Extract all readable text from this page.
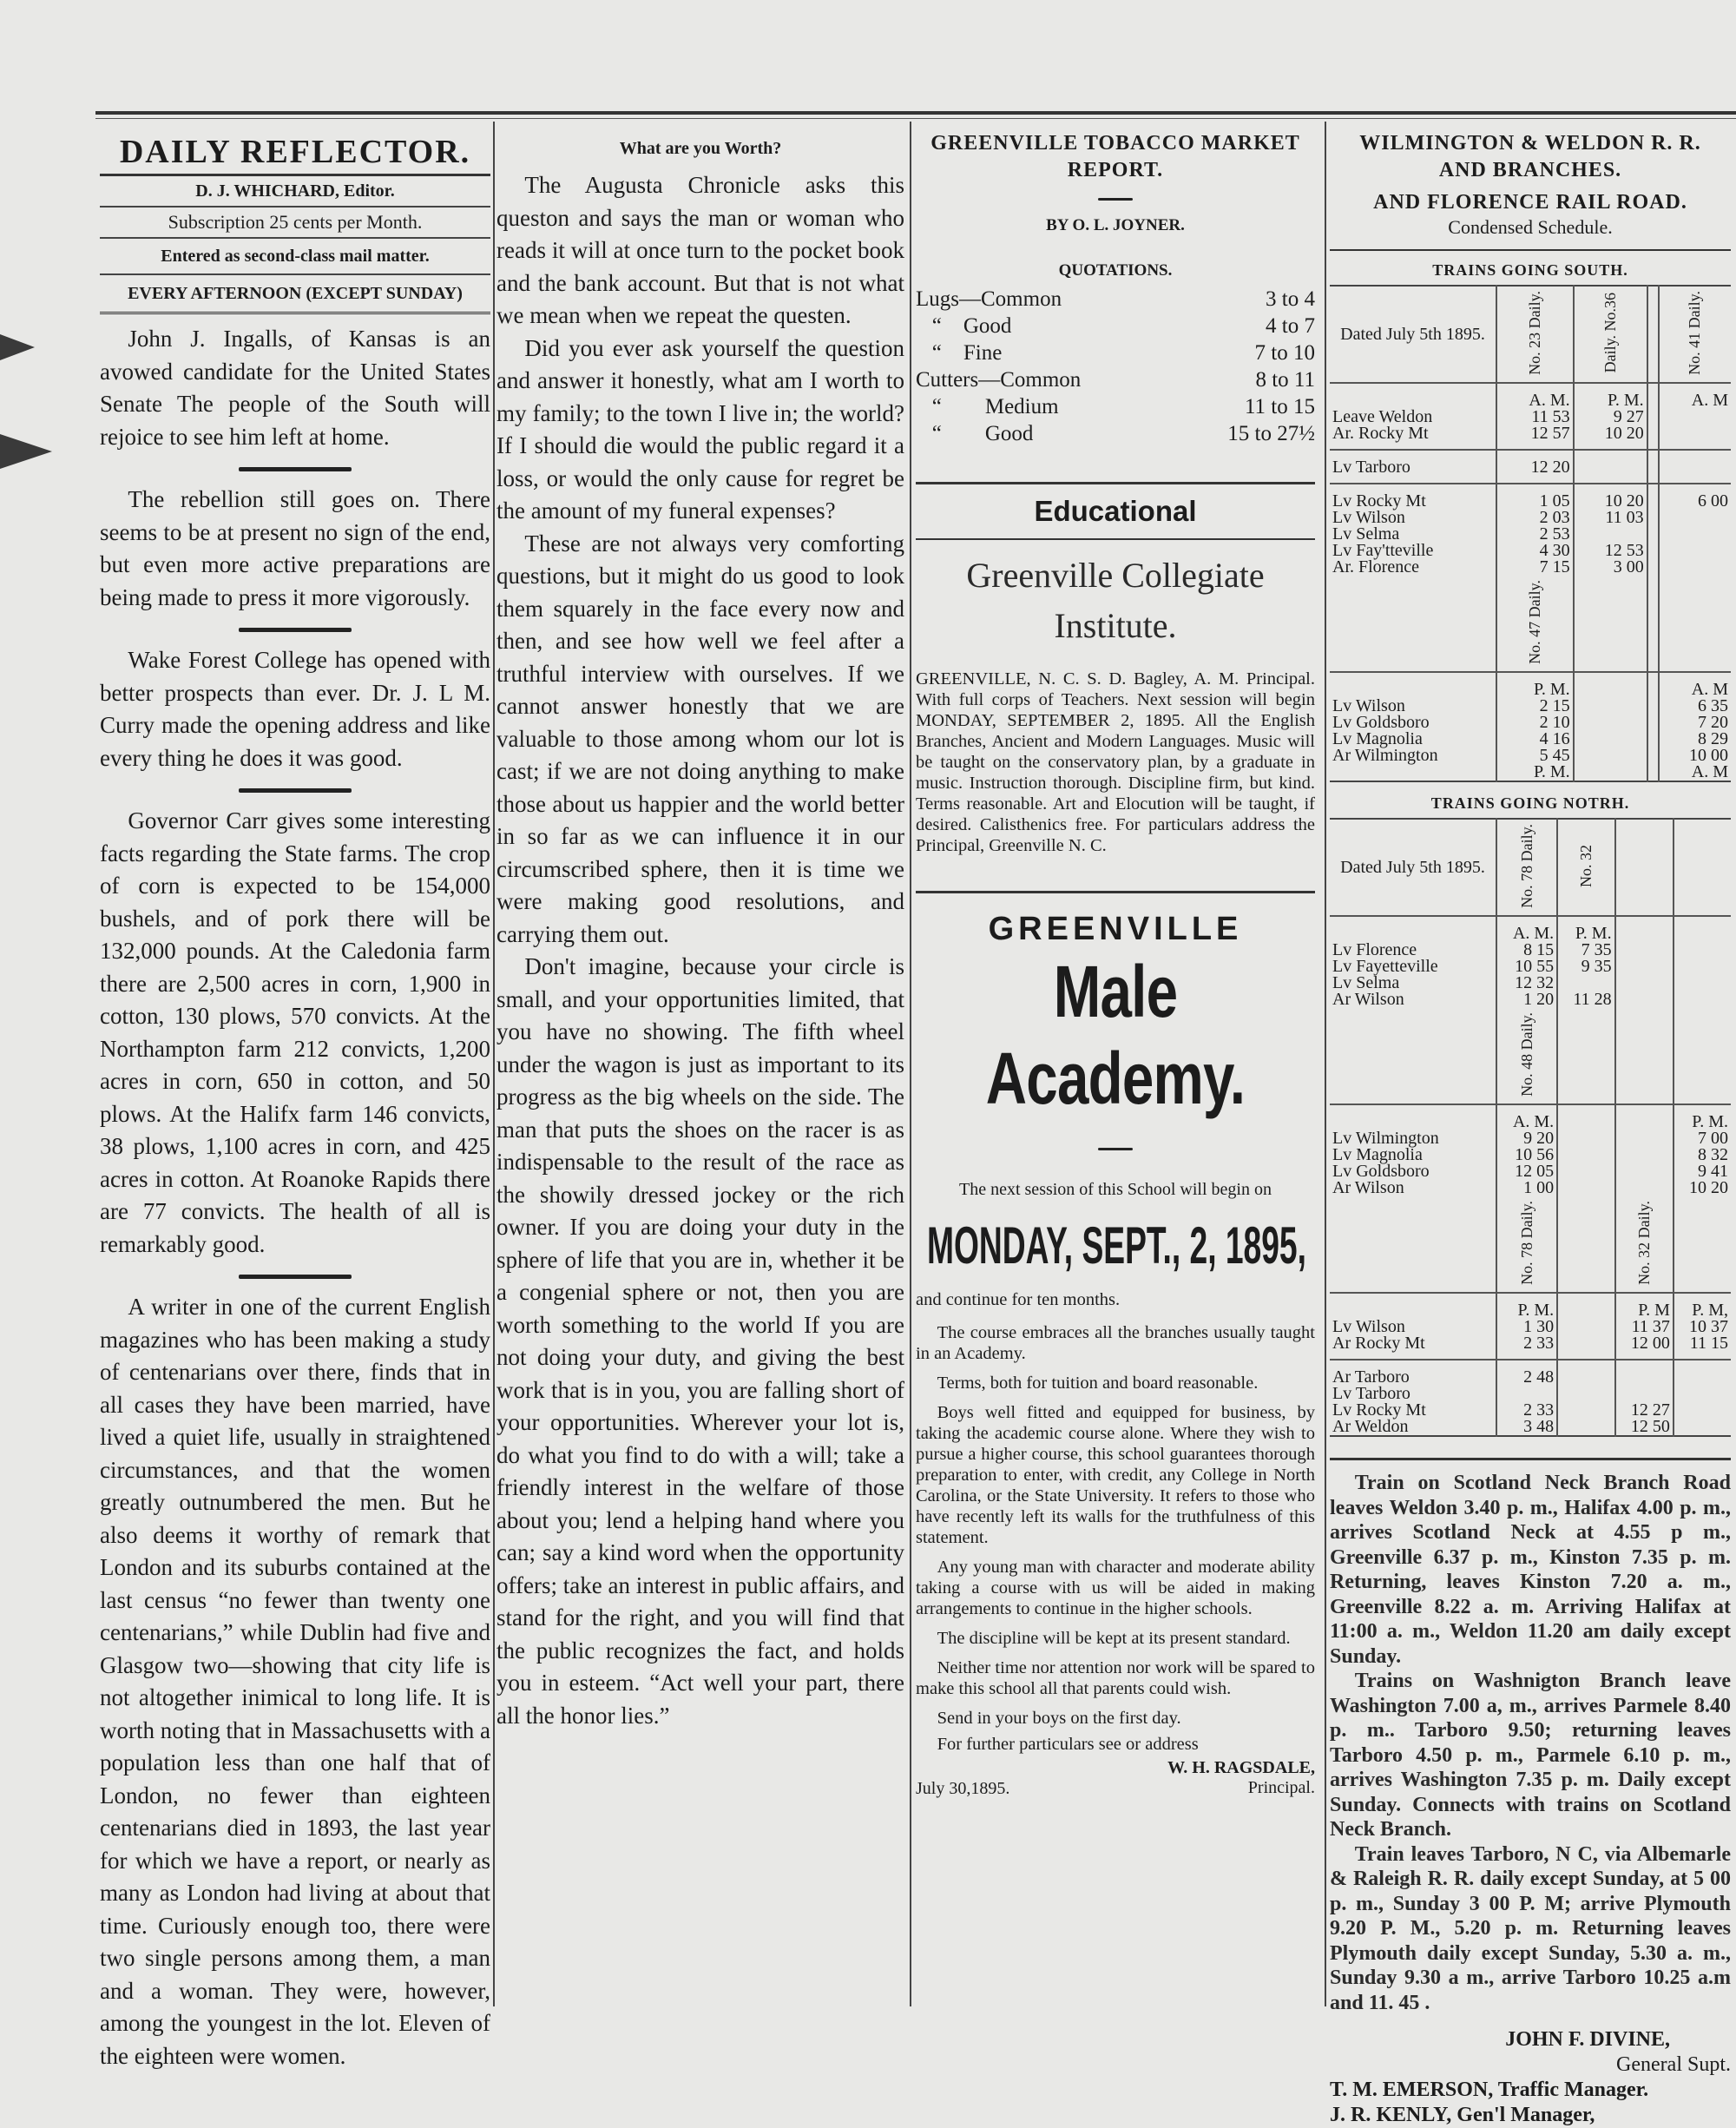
DAILY REFLECTOR.
D. J. WHICHARD, Editor.
Subscription 25 cents per Month.
Entered as second-class mail matter.
EVERY AFTERNOON (EXCEPT SUNDAY)

John J. Ingalls, of Kansas is an avowed candidate for the United States Senate The people of the South will rejoice to see him left at home.

The rebellion still goes on. There seems to be at present no sign of the end, but even more active preparations are being made to press it more vigorously.

Wake Forest College has opened with better prospects than ever. Dr. J. L M. Curry made the opening address and like every thing he does it was good.

Governor Carr gives some interesting facts regarding the State farms. The crop of corn is expected to be 154,000 bushels, and of pork there will be 132,000 pounds. At the Caledonia farm there are 2,500 acres in corn, 1,900 in cotton, 130 plows, 570 convicts. At the Northampton farm 212 convicts, 1,200 acres in corn, 650 in cotton, and 50 plows. At the Halifx farm 146 convicts, 38 plows, 1,100 acres in corn, and 425 acres in cotton. At Roanoke Rapids there are 77 convicts. The health of all is remarkably good.

A writer in one of the current English magazines who has been making a study of centenarians over there, finds that in all cases they have been married, have lived a quiet life, usually in straightened circumstances, and that the women greatly outnumbered the men. But he also deems it worthy of remark that London and its suburbs contained at the last census “no fewer than twenty one centenarians,” while Dublin had five and Glasgow two—showing that city life is not altogether inimical to long life. It is worth noting that in Massachusetts with a population less than one half that of London, no fewer than eighteen centenarians died in 1893, the last year for which we have a report, or nearly as many as London had living at about that time. Curiously enough too, there were two single persons among them, a man and a woman. They were, however, among the youngest in the lot. Eleven of the eighteen were women.

What are you Worth?

The Augusta Chronicle asks this queston and says the man or woman who reads it will at once turn to the pocket book and the bank account. But that is not what we mean when we repeat the questen.

Did you ever ask yourself the question and answer it honestly, what am I worth to my family; to the town I live in; the world? If I should die would the public regard it a loss, or would the only cause for regret be the amount of my funeral expenses?

These are not always very comforting questions, but it might do us good to look them squarely in the face every now and then, and see how well we feel after a truthful interview with ourselves. If we cannot answer honestly that we are valuable to those among whom our lot is cast; if we are not doing anything to make those about us happier and the world better in so far as we can influence it in our circumscribed sphere, then it is time we were making good resolutions, and carrying them out.

Don't imagine, because your circle is small, and your opportunities limited, that you have no showing. The fifth wheel under the wagon is just as important to its progress as the big wheels on the side. The man that puts the shoes on the racer is as indispensable to the result of the race as the showily dressed jockey or the rich owner. If you are doing your duty in the sphere of life that you are in, whether it be a congenial sphere or not, then you are worth something to the world If you are not doing your duty, and giving the best work that is in you, you are falling short of your opportunities. Wherever your lot is, do what you find to do with a will; take a friendly interest in the welfare of those about you; lend a helping hand where you can; say a kind word when the opportunity offers; take an interest in public affairs, and stand for the right, and you will find that the public recognizes the fact, and holds you in esteem. “Act well your part, there all the honor lies.”

GREENVILLE TOBACCO MARKET REPORT.
BY O. L. JOYNER.
QUOTATIONS.
Lugs—Common	3 to 4
“    Good	4 to 7
“    Fine	7 to 10
Cutters—Common	8 to 11
“        Medium	11 to 15
“        Good	15 to 27½
Educational
Greenville Collegiate Institute.

GREENVILLE, N. C. S. D. Bagley, A. M. Principal. With full corps of Teachers. Next session will begin MONDAY, SEPTEMBER 2, 1895. All the English Branches, Ancient and Modern Languages. Music will be taught on the conservatory plan, by a graduate in music. Instruction thorough. Discipline firm, but kind. Terms reasonable. Art and Elocution will be taught, if desired. Calisthenics free. For particulars address the Principal, Greenville N. C.

GREENVILLE
Male Academy.

The next session of this School will begin on

MONDAY, SEPT., 2, 1895,

and continue for ten months.

The course embraces all the branches usually taught in an Academy.

Terms, both for tuition and board reasonable.

Boys well fitted and equipped for business, by taking the academic course alone. Where they wish to pursue a higher course, this school guarantees thorough preparation to enter, with credit, any College in North Carolina, or the State University. It refers to those who have recently left its walls for the truthfulness of this statement.

Any young man with character and moderate ability taking a course with us will be aided in making arrangements to continue in the higher schools.

The discipline will be kept at its present standard.

Neither time nor attention nor work will be spared to make this school all that parents could wish.

Send in your boys on the first day.

For further particulars see or address

July 30,1895.
W. H. RAGSDALE,
Principal.
WILMINGTON & WELDON R. R.
AND BRANCHES.
AND FLORENCE RAIL ROAD.
Condensed Schedule.
TRAINS GOING SOUTH.
Dated July 5th 1895.	No. 23 Daily.	Daily. No.36		No. 41 Daily.
	A. M.	P. M.		A. M
Leave Weldon	11 53	9 27		
Ar. Rocky Mt	12 57	10 20		
Lv Tarboro	12 20			
Lv Rocky Mt	1 05	10 20		6 00
Lv Wilson	2 03	11 03		
Lv Selma	2 53			
Lv Fay'tteville	4 30	12 53		
Ar. Florence	7 15	3 00		
	No. 47 Daily.			
	P. M.			A. M
Lv Wilson	2 15			6 35
Lv Goldsboro	2 10			7 20
Lv Magnolia	4 16			8 29
Ar Wilmington	5 45			10 00
	P. M.			A. M
TRAINS GOING NOTRH.
Dated July 5th 1895.	No. 78 Daily.	No. 32		
	A. M.	P. M.		
Lv Florence	8 15	7 35		
Lv Fayetteville	10 55	9 35		
Lv Selma	12 32			
Ar Wilson	1 20	11 28		
	No. 48 Daily.			
	A. M.			P. M.
Lv Wilmington	9 20			7 00
Lv Magnolia	10 56			8 32
Lv Goldsboro	12 05			9 41
Ar Wilson	1 00			10 20
	No. 78 Daily.		No. 32 Daily.	
	P. M.		P. M	P. M,
Lv Wilson	1 30		11 37	10 37
Ar Rocky Mt	2 33		12 00	11 15
Ar Tarboro	2 48			
Lv Tarboro				
Lv Rocky Mt	2 33		12 27	
Ar Weldon	3 48		12 50	

Train on Scotland Neck Branch Road leaves Weldon 3.40 p. m., Halifax 4.00 p. m., arrives Scotland Neck at 4.55 p m., Greenville 6.37 p. m., Kinston 7.35 p. m. Returning, leaves Kinston 7.20 a. m., Greenville 8.22 a. m. Arriving Halifax at 11:00 a. m., Weldon 11.20 am daily except Sunday.

Trains on Washnigton Branch leave Washington 7.00 a, m., arrives Parmele 8.40 p. m.. Tarboro 9.50; returning leaves Tarboro 4.50 p. m., Parmele 6.10 p. m., arrives Washington 7.35 p. m. Daily except Sunday. Connects with trains on Scotland Neck Branch.

Train leaves Tarboro, N C, via Albemarle & Raleigh R. R. daily except Sunday, at 5 00 p. m., Sunday 3 00 P. M; arrive Plymouth 9.20 P. M., 5.20 p. m. Returning leaves Plymouth daily except Sunday, 5.30 a. m., Sunday 9.30 a m., arrive Tarboro 10.25 a.m and 11. 45 .

JOHN F. DIVINE,
General Supt.
T. M. EMERSON, Traffic Manager.
J. R. KENLY, Gen'l Manager,
